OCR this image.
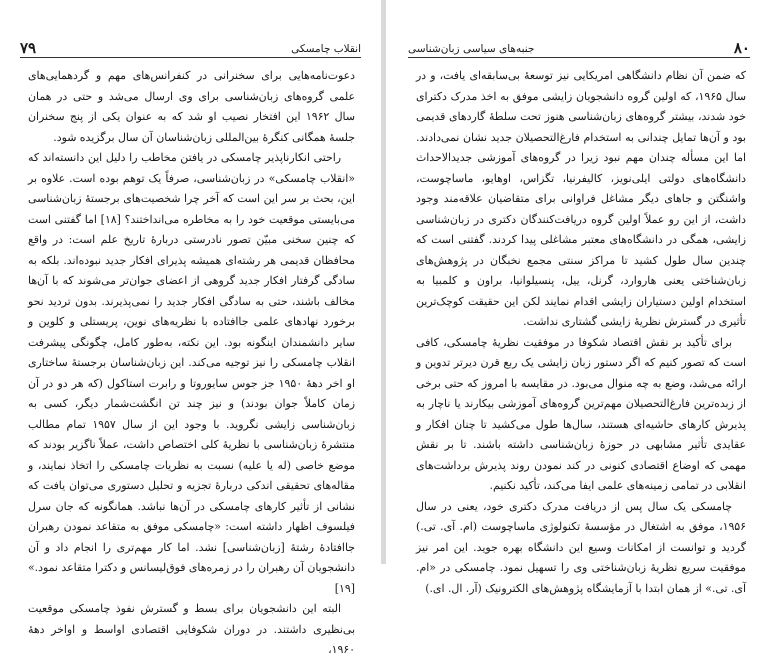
۷۹	انقلاب چامسکی

دعوت‌نامه‌هایی برای سخنرانی در کنفرانس‌های مهم و گردهمایی‌های علمی گروه‌های زبان‌شناسی برای وی ارسال می‌شد و حتی در همان سال ۱۹۶۲ این افتخار نصیب او شد که به عنوان یکی از پنج سخنران جلسهٔ همگانی کنگرهٔ بین‌المللی زبان‌شناسان آن سال برگزیده شود.

راحتی انکارناپذیر چامسکی در یافتن مخاطب را دلیل این دانسته‌اند که «انقلاب چامسکی» در زبان‌شناسی، صرفاً یک توهم بوده است. علاوه بر این، بحث بر سر این است که آخر چرا شخصیت‌های برجستهٔ زبان‌شناسی می‌بایستی موقعیت خود را به مخاطره می‌انداختند؟ [۱۸] اما گفتنی است که چنین سخنی مبیّن تصور نادرستی دربارهٔ تاریخ علم است: در واقع محافظان قدیمی هر رشته‌ای همیشه پذیرای افکار جدید نبوده‌اند. بلکه به سادگی گرفتار افکار جدید گروهی از اعضای جوان‌تر می‌شوند که با آن‌ها مخالف باشند، حتی به سادگی افکار جدید را نمی‌پذیرند. بدون تردید نحو برخورد نهادهای علمی جاافتاده با نظریه‌های نوین، پریستلی و کلوین و سایر دانشمندان اینگونه بود. این نکته، به‌طور کامل، چگونگی پیشرفت انقلاب چامسکی را نیز توجیه می‌کند. این زبان‌شناسان برجستهٔ ساختاری او اخر دههٔ ۱۹۵۰ جز جوس سایوروتا و رابرت استاکول (که هر دو در آن زمان کاملاً جوان بودند) و نیز چند تن انگشت‌شمار دیگر، کسی به زبان‌شناسی زایشی نگروید. با وجود این از سال ۱۹۵۷ تمام مطالب منتشرهٔ زبان‌شناسی با نظریهٔ کلی اختصاص داشت، عملاً ناگزیر بودند که موضع خاصی (له یا علیه) نسبت به نظریات چامسکی را اتخاذ نمایند، و مقاله‌های تحقیقی اندکی دربارهٔ تجزیه و تحلیل دستوری می‌توان یافت که نشانی از تأثیر کارهای چامسکی در آن‌ها نباشد. همانگونه که جان سرل فیلسوف اظهار داشته است: «چامسکی موفق به متقاعد نمودن رهبران جاافتادهٔ رشتهٔ [زبان‌شناسی] نشد. اما کار مهم‌تری را انجام داد و آن دانشجویان آن رهبران را در زمره‌های فوق‌لیسانس و دکترا متقاعد نمود.» [۱۹]

البته این دانشجویان برای بسط و گسترش نفوذ چامسکی موقعیت بی‌نظیری داشتند. در دوران شکوفایی اقتصادی اواسط و اواخر دههٔ ۱۹۶۰،

جنبه‌های سیاسی زبان‌شناسی	۸۰

که ضمن آن نظام دانشگاهی امریکایی نیز توسعهٔ بی‌سابقه‌ای یافت، و در سال ۱۹۶۵، که اولین گروه دانشجویان زایشی موفق به اخذ مدرک دکترای خود شدند، بیشتر گروه‌های زبان‌شناسی هنوز تحت سلطهٔ گاردهای قدیمی بود و آن‌ها تمایل چندانی به استخدام فارغ‌التحصیلان جدید نشان نمی‌دادند. اما این مسأله چندان مهم نبود زیرا در گروه‌های آموزشی جدیدالاحداث دانشگاه‌های دولتی ایلی‌نویز، کالیفرنیا، تگزاس، اوهایو، ماساچوست، واشنگتن و جاهای دیگر مشاغل فراوانی برای متقاضیان علاقه‌مند وجود داشت، از این رو عملاً اولین گروه دریافت‌کنندگان دکتری در زبان‌شناسی زایشی، همگی در دانشگاه‌های معتبر مشاغلی پیدا کردند. گفتنی است که چندین سال طول کشید تا مراکز سنتی مجمع نخبگان در پژوهش‌های زبان‌شناختی یعنی هاروارد، گرنل، ییل، پنسیلوانیا، براون و کلمبیا به استخدام اولین دستیاران زایشی اقدام نمایند لکن این حقیقت کوچک‌ترین تأثیری در گسترش نظریهٔ زایشی گشتاری نداشت.

برای تأکید بر نقش اقتصاد شکوفا در موفقیت نظریهٔ چامسکی، کافی است که تصور کنیم که اگر دستور زبان زایشی یک ربع قرن دیرتر تدوین و ارائه می‌شد، وضع به چه منوال می‌بود. در مقایسه با امروز که حتی برخی از زبده‌ترین فارغ‌التحصیلان مهم‌ترین گروه‌های آموزشی بیکارند یا ناچار به پذیرش کارهای حاشیه‌ای هستند، سال‌ها طول می‌کشید تا چنان افکار و عقایدی تأثیر مشابهی در حوزهٔ زبان‌شناسی داشته باشند. تا بر نقش مهمی که اوضاع اقتصادی کنونی در کند نمودن روند پذیرش برداشت‌های انقلابی در تمامی زمینه‌های علمی ایفا می‌کند، تأکید نکنیم.

چامسکی یک سال پس از دریافت مدرک دکتری خود، یعنی در سال ۱۹۵۶، موفق به اشتغال در مؤسسهٔ تکنولوژی ماساچوست (ام. آی. تی.) گردید و توانست از امکانات وسیع این دانشگاه بهره جوید. این امر نیز موفقیت سریع نظریهٔ زبان‌شناختی وی را تسهیل نمود. چامسکی در «ام. آی. تی.» از همان ابتدا با آزمایشگاه پژوهش‌های الکترونیک (آر. ال. ای.)
